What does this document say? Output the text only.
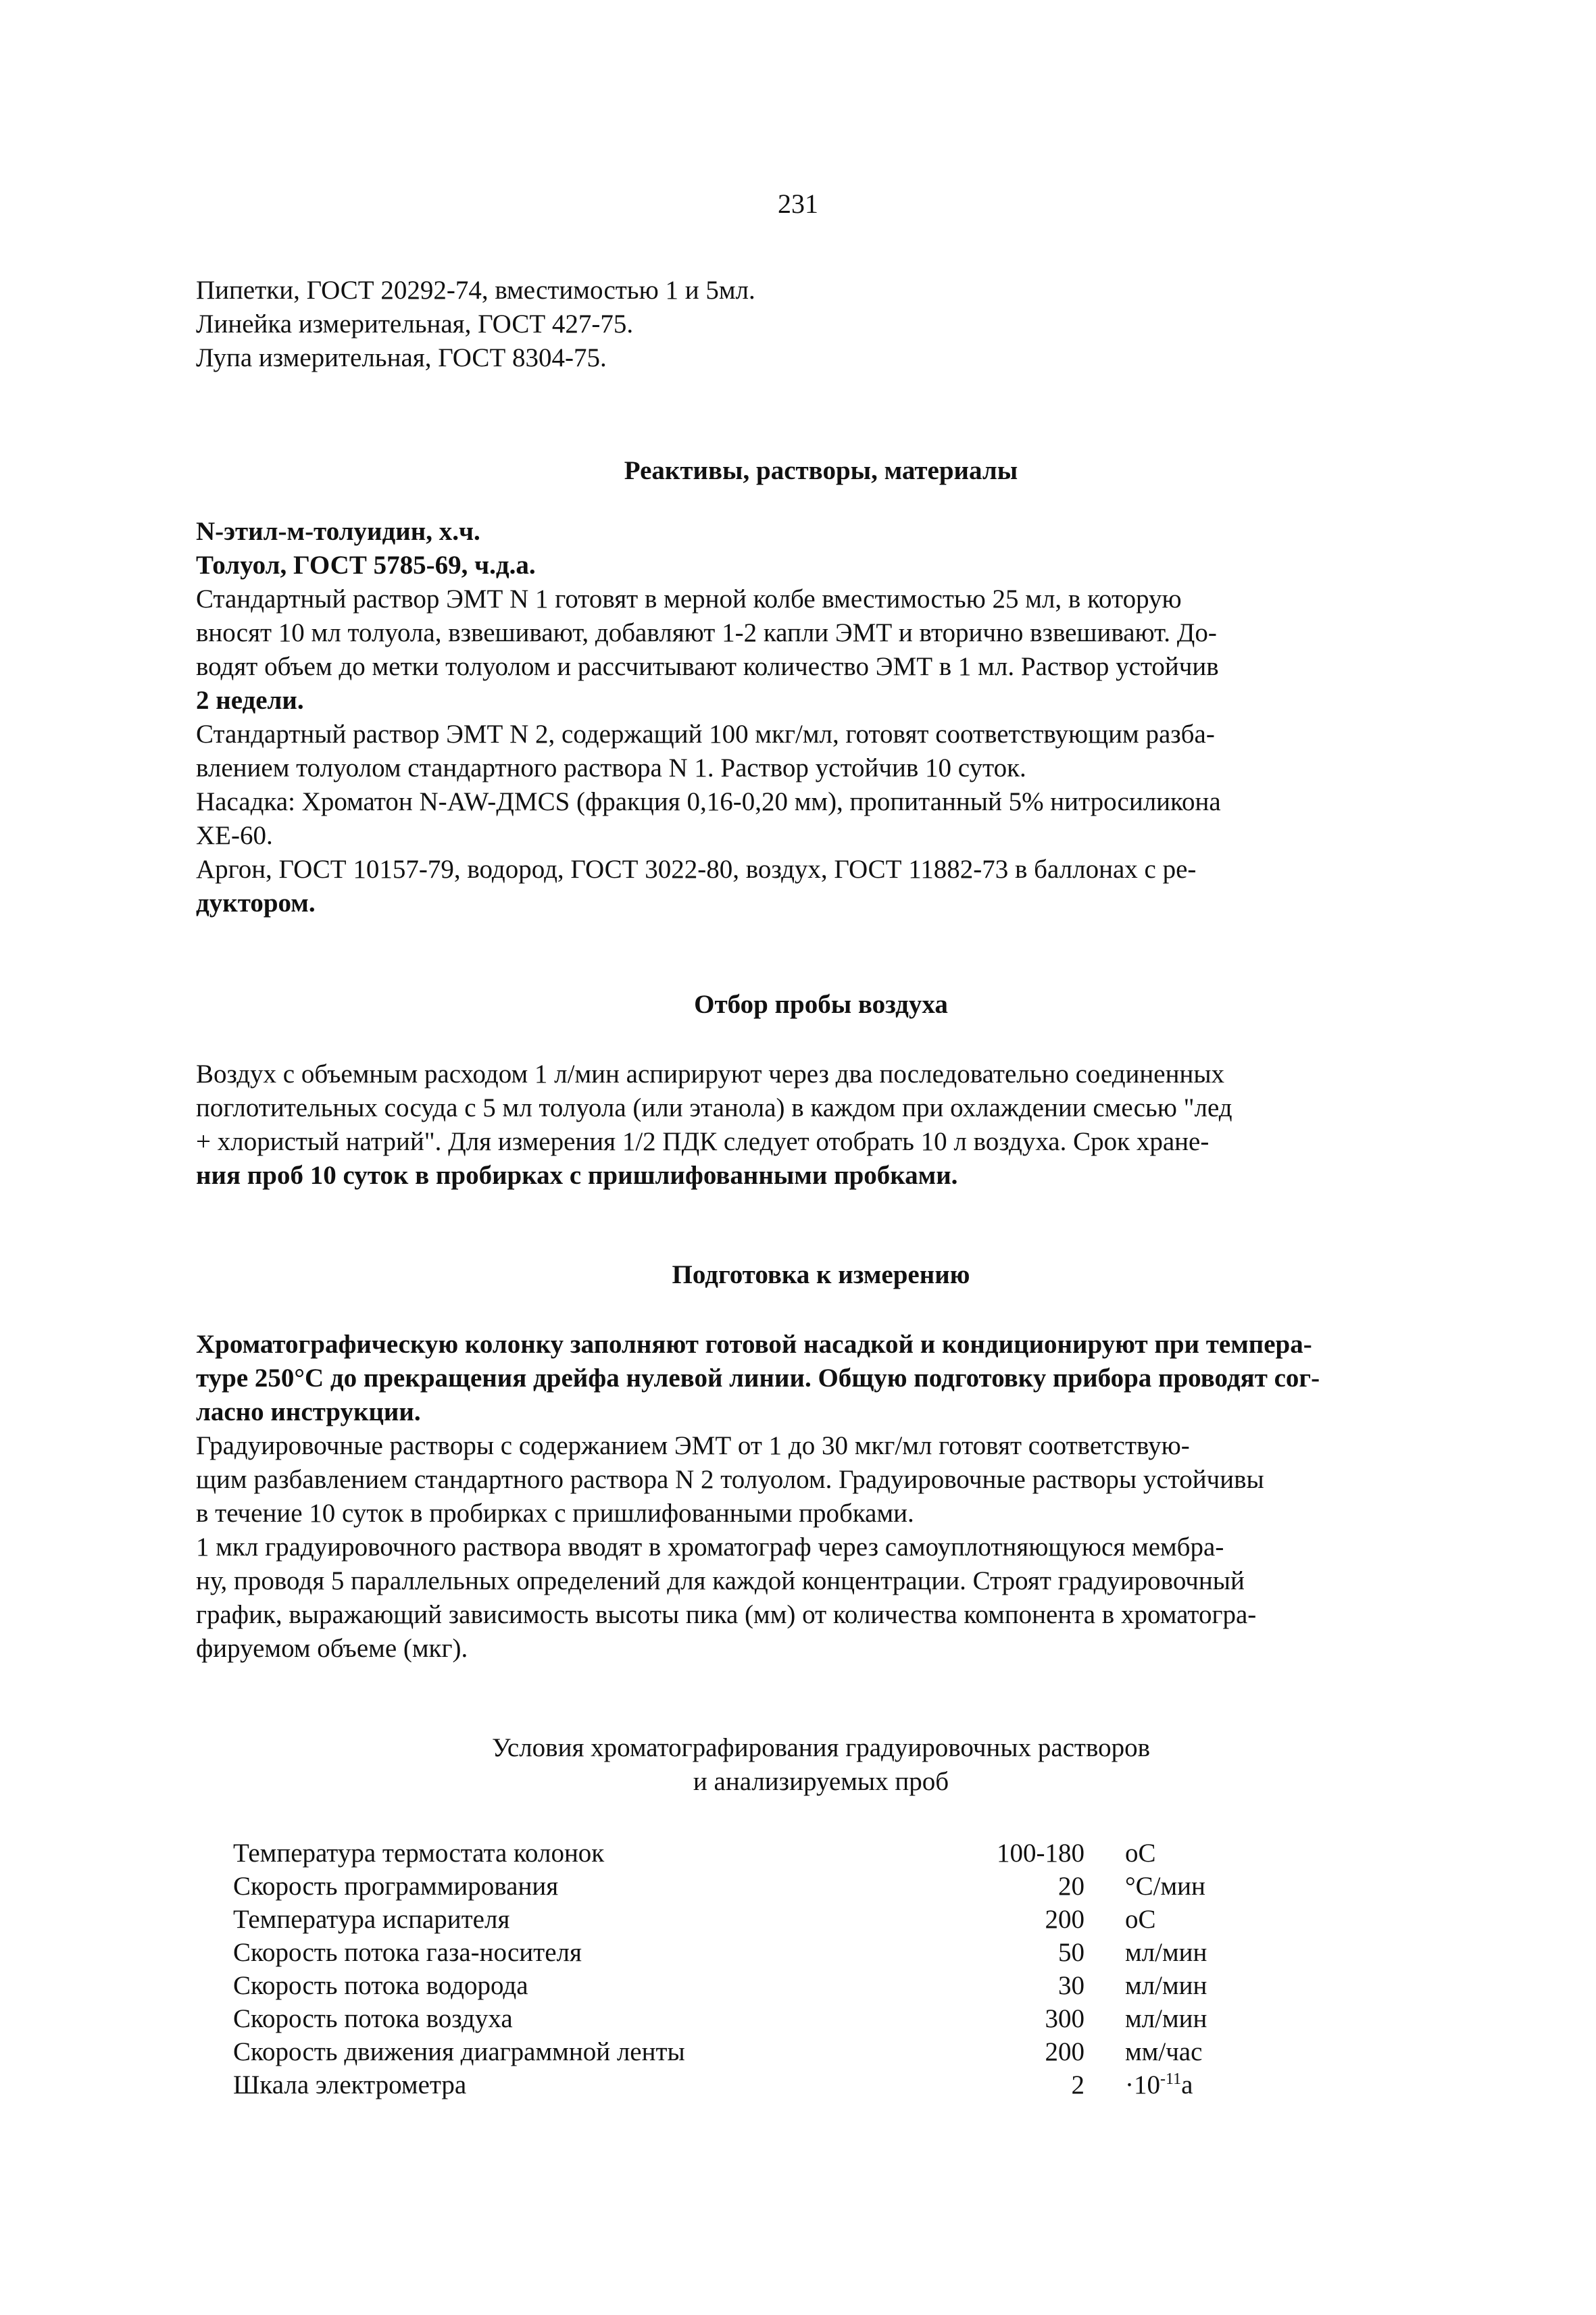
231
Пипетки, ГОСТ 20292-74, вместимостью 1 и 5мл.
Линейка измерительная, ГОСТ 427-75.
Лупа измерительная, ГОСТ 8304-75.
Реактивы, растворы, материалы
N-этил-м-толуидин, х.ч.
Толуол, ГОСТ 5785-69, ч.д.а.
Стандартный раствор ЭМТ N 1 готовят в мерной колбе вместимостью 25 мл, в которую
вносят 10 мл толуола, взвешивают, добавляют 1-2 капли ЭМТ и вторично взвешивают. До-
водят объем до метки толуолом и рассчитывают количество ЭМТ в 1 мл. Раствор устойчив
2 недели.
Стандартный раствор ЭМТ N 2, содержащий 100 мкг/мл, готовят соответствующим разба-
влением толуолом стандартного раствора N 1. Раствор устойчив 10 суток.
Насадка: Хроматон N-AW-ДМCS (фракция 0,16-0,20 мм), пропитанный 5% нитросиликона
ХЕ-60.
Аргон, ГОСТ 10157-79, водород, ГОСТ 3022-80, воздух, ГОСТ 11882-73 в баллонах с ре-
дуктором.
Отбор пробы воздуха
Воздух с объемным расходом 1 л/мин аспирируют через два последовательно соединенных
поглотительных сосуда с 5 мл толуола (или этанола) в каждом при охлаждении смесью "лед
+ хлористый натрий". Для измерения 1/2 ПДК следует отобрать 10 л воздуха. Срок хране-
ния проб 10 суток в пробирках с пришлифованными пробками.
Подготовка к измерению
Хроматографическую колонку заполняют готовой насадкой и кондиционируют при темпера-
туре 250°С до прекращения дрейфа нулевой линии. Общую подготовку прибора проводят сог-
ласно инструкции.
Градуировочные растворы с содержанием ЭМТ от 1 до 30 мкг/мл готовят соответствую-
щим разбавлением стандартного раствора N 2 толуолом. Градуировочные растворы устойчивы
в течение 10 суток в пробирках с пришлифованными пробками.
1 мкл градуировочного раствора вводят в хроматограф через самоуплотняющуюся мембра-
ну, проводя 5 параллельных определений для каждой концентрации. Строят градуировочный
график, выражающий зависимость высоты пика (мм) от количества компонента в хроматогра-
фируемом объеме (мкг).
Условия хроматографирования градуировочных растворов
и анализируемых проб
Температура термостата колонок	100-180	оС
Скорость программирования	20	°С/мин
Температура испарителя	200	оС
Скорость потока газа-носителя	50	мл/мин
Скорость потока водорода	30	мл/мин
Скорость потока воздуха	300	мл/мин
Скорость движения диаграммной ленты	200	мм/час
Шкала электрометра	2	$\cdot 10^{-11}а$
